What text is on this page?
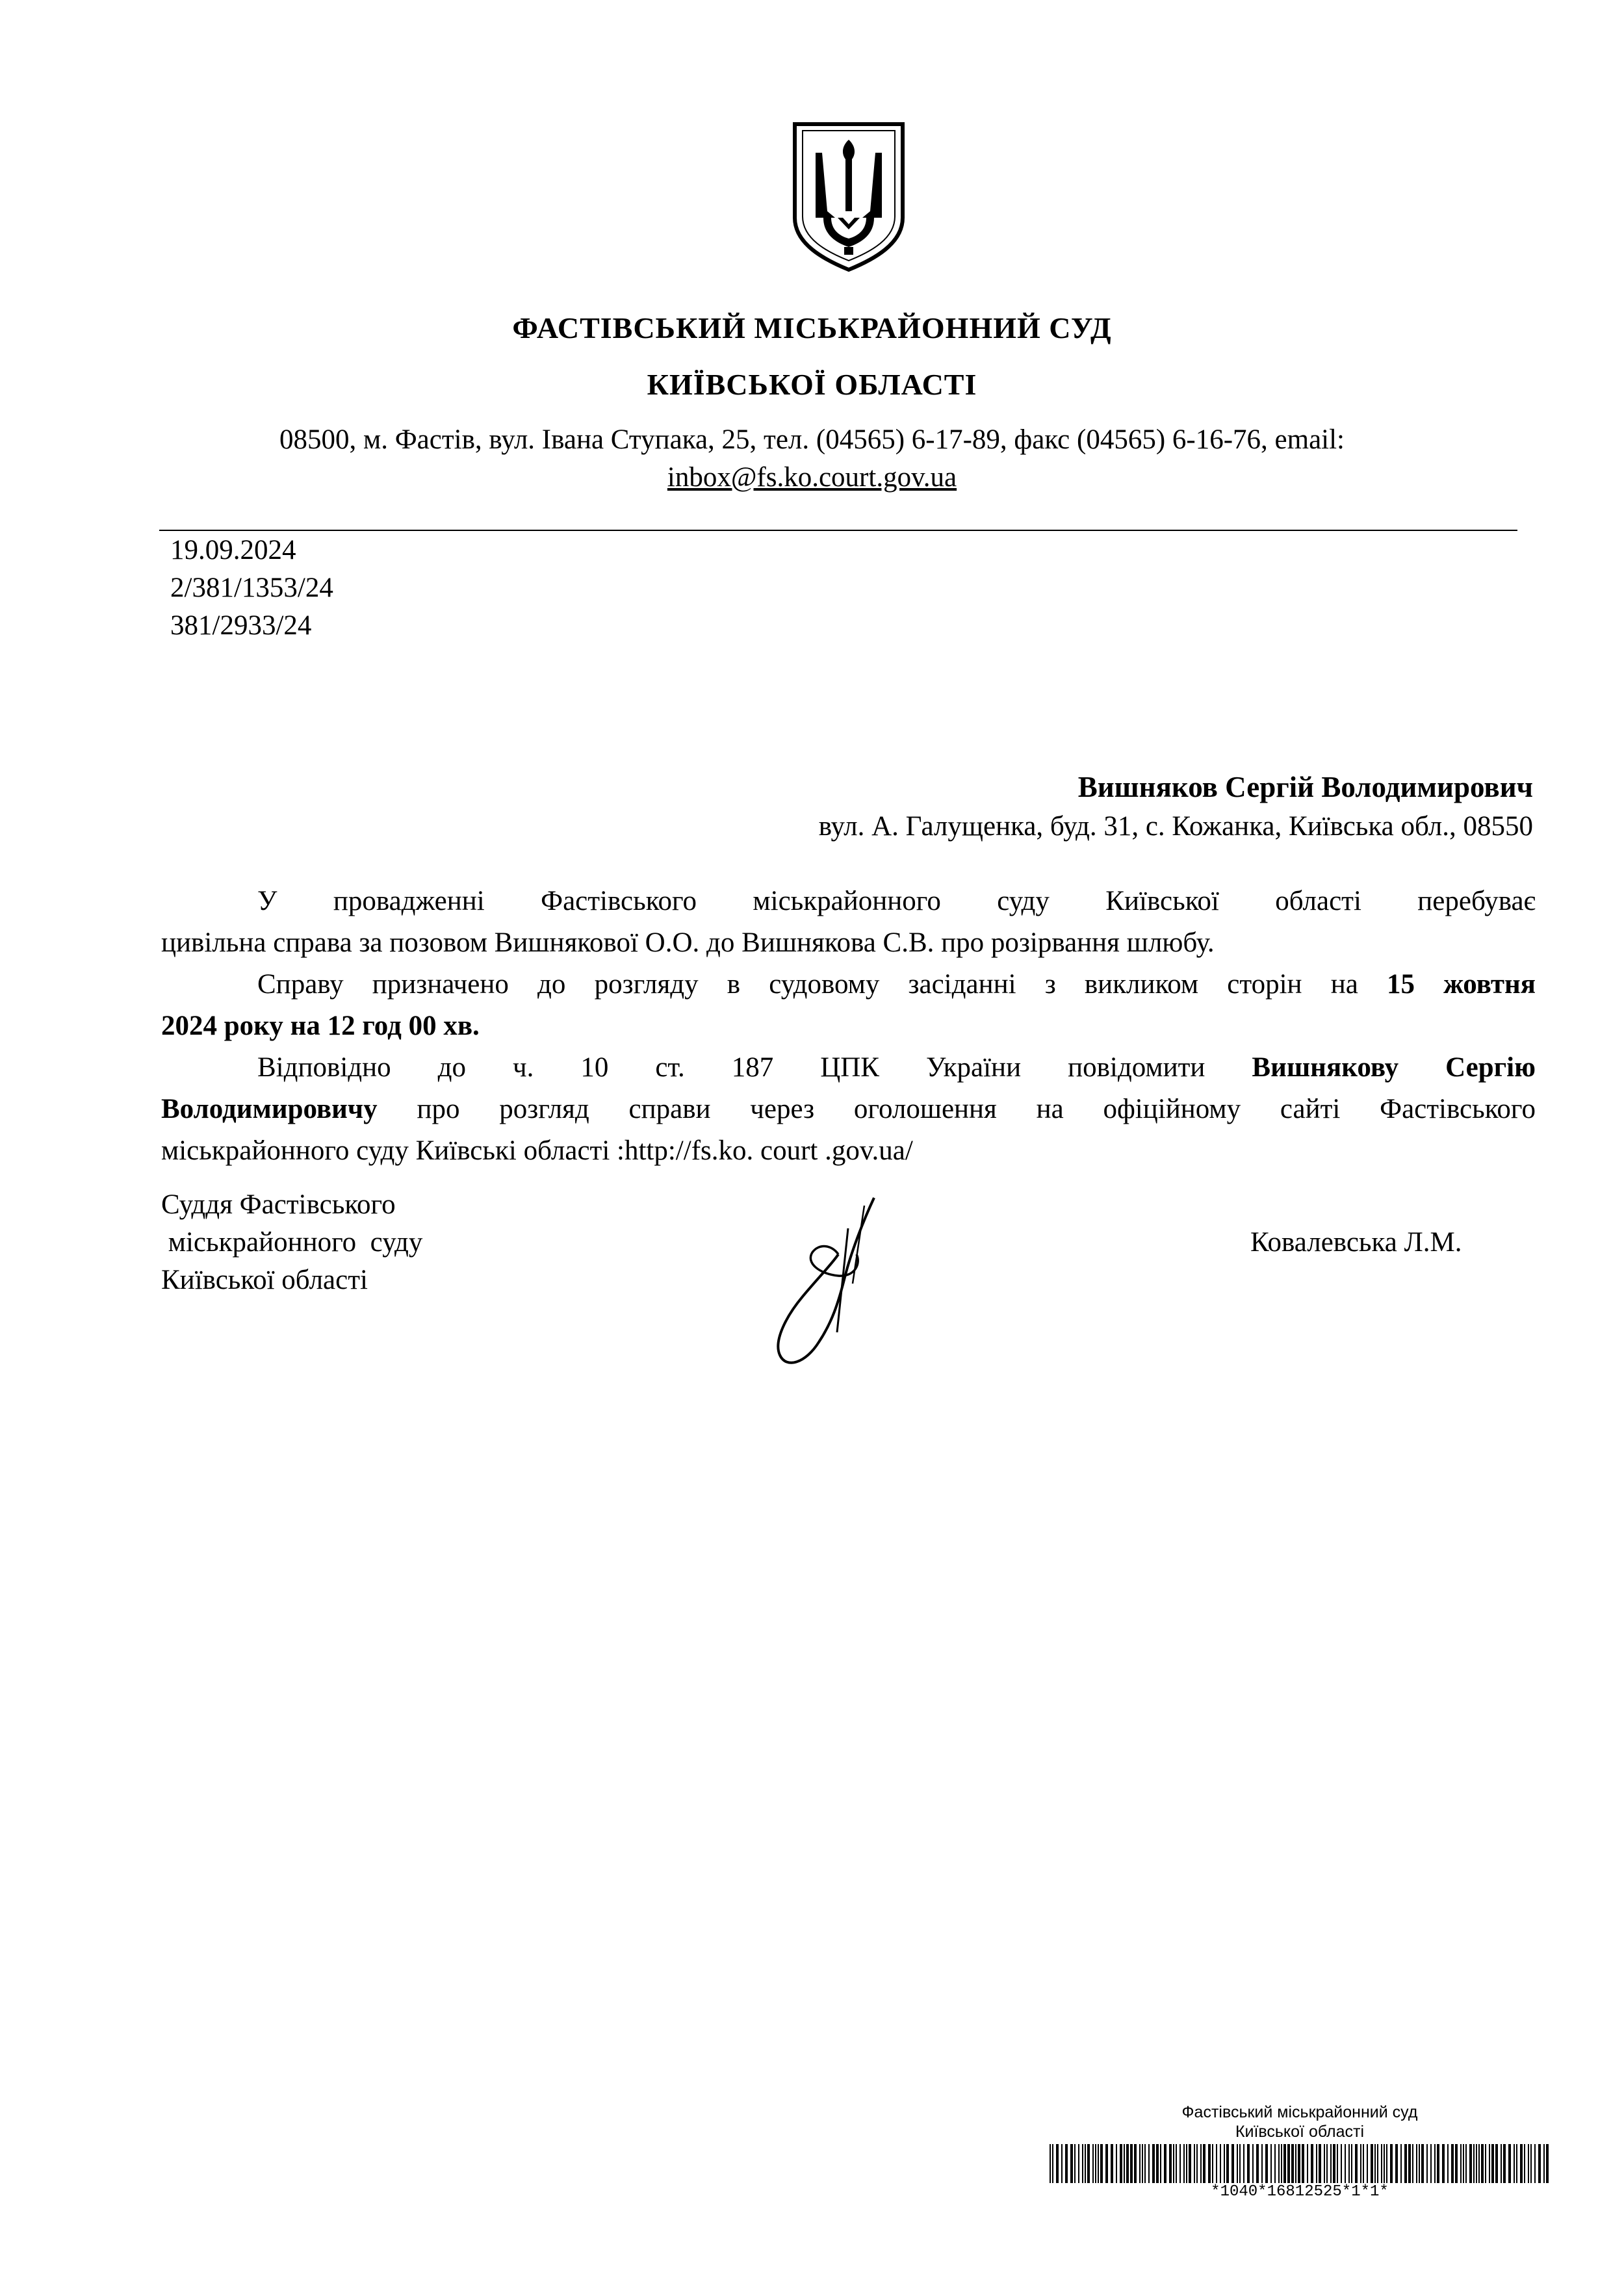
ФАСТІВСЬКИЙ МІСЬКРАЙОННИЙ СУД
КИЇВСЬКОЇ ОБЛАСТІ
08500, м. Фастів, вул. Івана Ступака, 25, тел. (04565) 6-17-89, факс (04565) 6-16-76, email:
inbox@fs.ko.court.gov.ua
19.09.2024
2/381/1353/24
381/2933/24
Вишняков Сергій Володимирович
вул. А. Галущенка, буд. 31, с. Кожанка, Київська обл., 08550
У провадженні Фастівського міськрайонного суду Київської області перебуває
цивільна справа за позовом Вишнякової О.О. до Вишнякова С.В. про розірвання шлюбу.
Справу призначено до розгляду в судовому засіданні з викликом сторін на 15 жовтня
2024 року на 12 год 00 хв.
Відповідно до ч. 10 ст. 187 ЦПК України повідомити Вишнякову Сергію
Володимировичу про розгляд справи через оголошення на офіційному сайті Фастівського
міськрайонного суду Київські області :http://fs.ko. court .gov.ua/
Суддя Фастівського
міськрайонного  суду
Київської області
Ковалевська Л.М.
Фастівський міськрайонний суд
Київської області
*1040*16812525*1*1*
